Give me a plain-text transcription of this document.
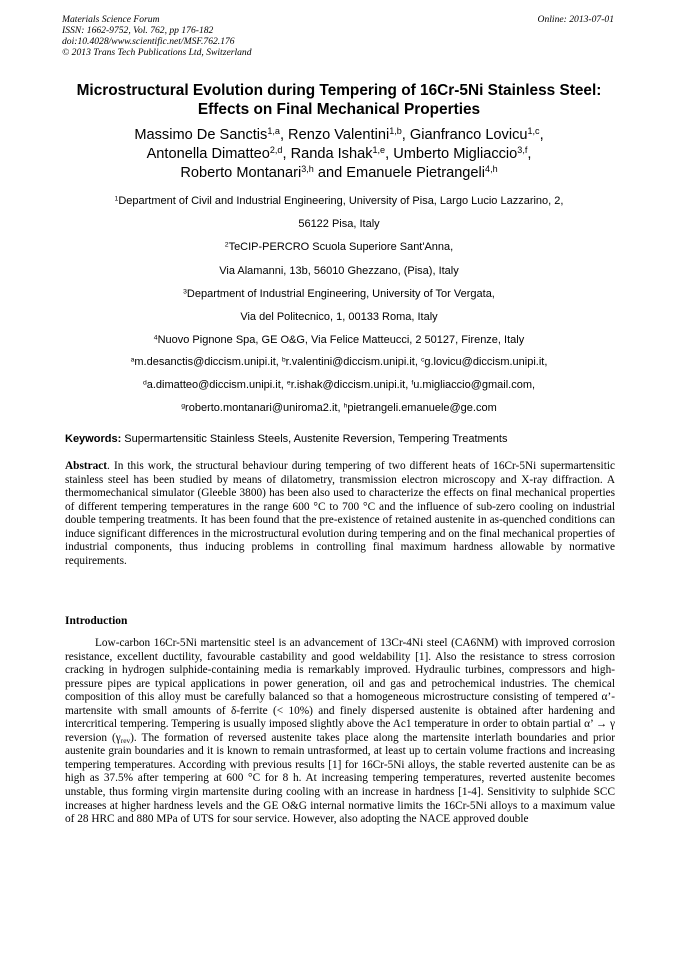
Materials Science Forum
ISSN: 1662-9752, Vol. 762, pp 176-182
doi:10.4028/www.scientific.net/MSF.762.176
© 2013 Trans Tech Publications Ltd, Switzerland
Online: 2013-07-01
Microstructural Evolution during Tempering of 16Cr-5Ni Stainless Steel:
Effects on Final Mechanical Properties
Massimo De Sanctis$^{1,a}$, Renzo Valentini$^{1,b}$, Gianfranco Lovicu$^{1,c}$,
Antonella Dimatteo$^{2,d}$, Randa Ishak$^{1,e}$, Umberto Migliaccio$^{3,f}$,
Roberto Montanari$^{3,h}$ and Emanuele Pietrangeli$^{4,h}$
$^1$Department of Civil and Industrial Engineering, University of Pisa, Largo Lucio Lazzarino, 2,
56122 Pisa, Italy
$^2$TeCIP-PERCRO Scuola Superiore Sant'Anna,
Via Alamanni, 13b, 56010 Ghezzano, (Pisa), Italy
$^3$Department of Industrial Engineering, University of Tor Vergata,
Via del Politecnico, 1, 00133 Roma, Italy
$^4$Nuovo Pignone Spa, GE O&G, Via Felice Matteucci, 2 50127, Firenze, Italy
$^a$m.desanctis@diccism.unipi.it, $^b$r.valentini@diccism.unipi.it, $^c$g.lovicu@diccism.unipi.it,
$^d$a.dimatteo@diccism.unipi.it, $^e$r.ishak@diccism.unipi.it, $^f$u.migliaccio@gmail.com,
$^g$roberto.montanari@uniroma2.it, $^h$pietrangeli.emanuele@ge.com
Keywords: Supermartensitic Stainless Steels, Austenite Reversion, Tempering Treatments
Abstract. In this work, the structural behaviour during tempering of two different heats of 16Cr-5Ni supermartensitic stainless steel has been studied by means of dilatometry, transmission electron microscopy and X-ray diffraction. A thermomechanical simulator (Gleeble 3800) has been also used to characterize the effects on final mechanical properties of different tempering temperatures in the range 600 °C to 700 °C and the influence of sub-zero cooling on industrial double tempering treatments. It has been found that the pre-existence of retained austenite in as-quenched conditions can induce significant differences in the microstructural evolution during tempering and on the final mechanical properties of industrial components, thus inducing problems in controlling final maximum hardness allowable by normative requirements.
Introduction
Low-carbon 16Cr-5Ni martensitic steel is an advancement of 13Cr-4Ni steel (CA6NM) with improved corrosion resistance, excellent ductility, favourable castability and good weldability [1]. Also the resistance to stress corrosion cracking in hydrogen sulphide-containing media is remarkably improved. Hydraulic turbines, compressors and high-pressure pipes are typical applications in power generation, oil and gas and petrochemical industries. The chemical composition of this alloy must be carefully balanced so that a homogeneous microstructure consisting of tempered α’-martensite with small amounts of δ-ferrite (< 10%) and finely dispersed austenite is obtained after hardening and intercritical tempering. Tempering is usually imposed slightly above the Ac1 temperature in order to obtain partial α’ → γ reversion $(\gamma_{rev})$. The formation of reversed austenite takes place along the martensite interlath boundaries and prior austenite grain boundaries and it is known to remain untrasformed, at least up to certain volume fractions and increasing tempering temperatures. According with previous results [1] for 16Cr-5Ni alloys, the stable reverted austenite can be as high as 37.5% after tempering at 600 °C for 8 h. At increasing tempering temperatures, reverted austenite becomes unstable, thus forming virgin martensite during cooling with an increase in hardness [1-4]. Sensitivity to sulphide SCC increases at higher hardness levels and the GE O&G internal normative limits the 16Cr-5Ni alloys to a maximum value of 28 HRC and 880 MPa of UTS for sour service. However, also adopting the NACE approved double
